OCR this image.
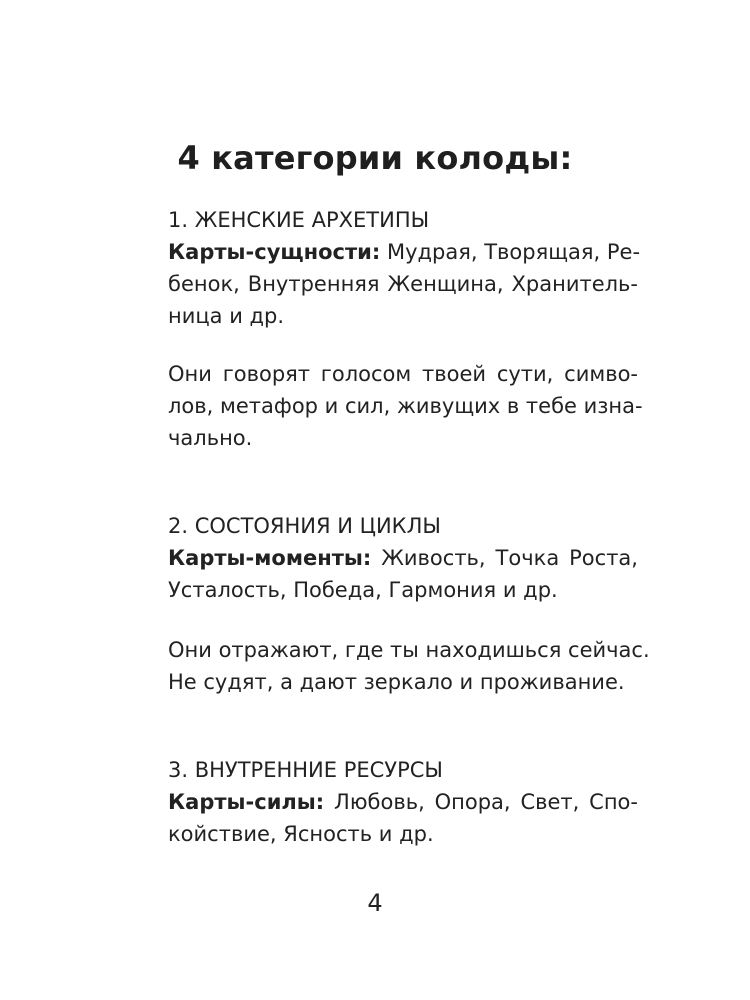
4 категории колоды:
1. ЖЕНСКИЕ АРХЕТИПЫ
Карты-сущности: Мудрая, Творящая, Ре-
бенок, Внутренняя Женщина, Хранитель-
ница и др.
Они говорят голосом твоей сути, симво-
лов, метафор и сил, живущих в тебе изна-
чально.
2. СОСТОЯНИЯ И ЦИКЛЫ
Карты-моменты: Живость, Точка Роста,
Усталость, Победа, Гармония и др.
Они отражают, где ты находишься сейчас.
Не судят, а дают зеркало и проживание.
3. ВНУТРЕННИЕ РЕСУРСЫ
Карты-силы: Любовь, Опора, Свет, Спо-
койствие, Ясность и др.
4
